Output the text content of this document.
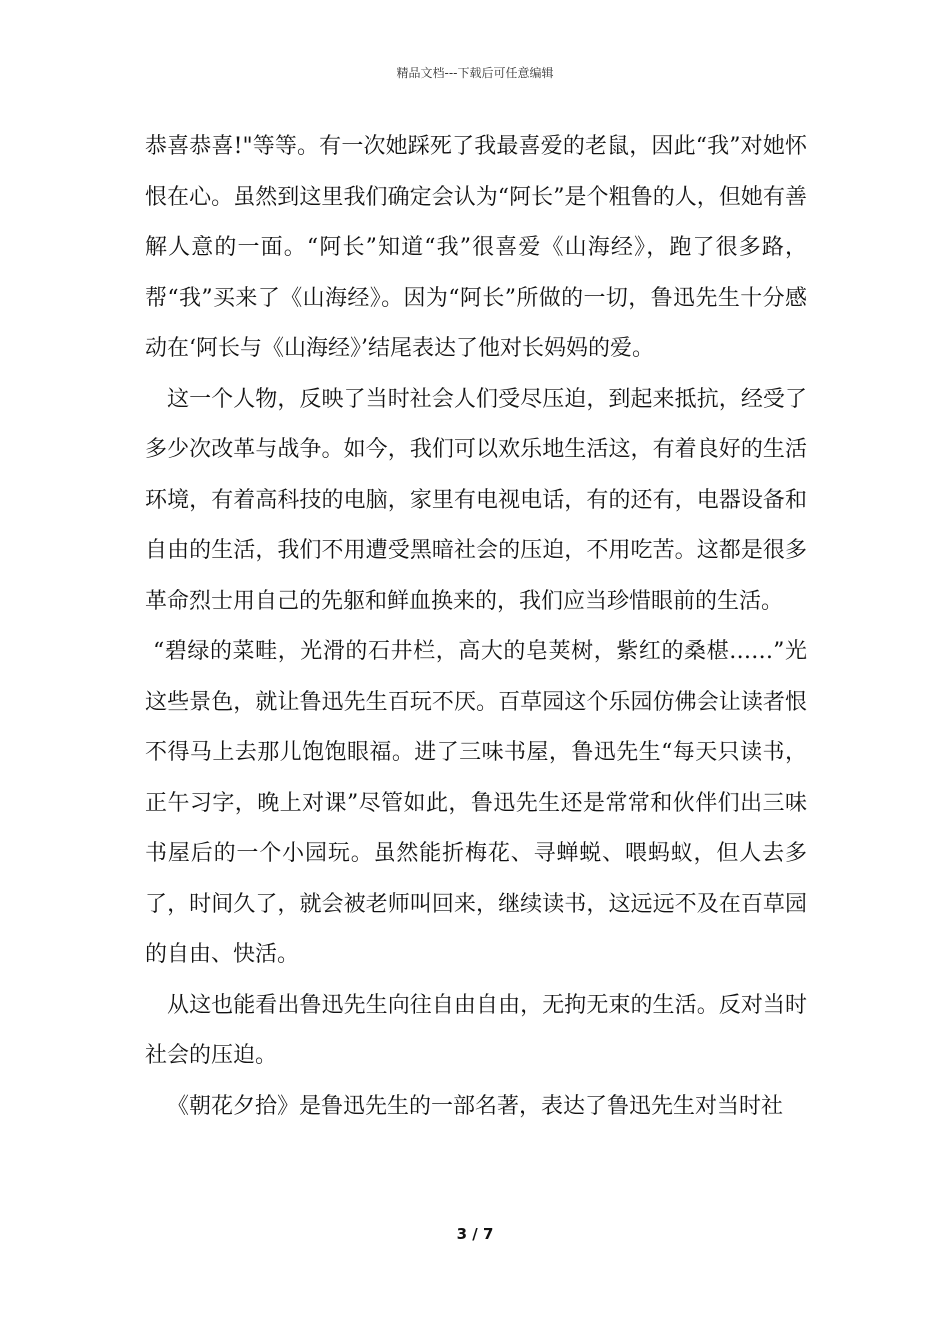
精品文档---下载后可任意编辑

恭喜恭喜!"等等。有一次她踩死了我最喜爱的老鼠，因此“我”对她怀恨在心。虽然到这里我们确定会认为“阿长”是个粗鲁的人，但她有善解人意的一面。“阿长”知道“我”很喜爱《山海经》，跑了很多路，帮“我”买来了《山海经》。因为“阿长”所做的一切，鲁迅先生十分感动在‘阿长与《山海经》’结尾表达了他对长妈妈的爱。

这一个人物，反映了当时社会人们受尽压迫，到起来抵抗，经受了多少次改革与战争。如今，我们可以欢乐地生活这，有着良好的生活环境，有着高科技的电脑，家里有电视电话，有的还有，电器设备和自由的生活，我们不用遭受黑暗社会的压迫，不用吃苦。这都是很多革命烈士用自己的先躯和鲜血换来的，我们应当珍惜眼前的生活。

“碧绿的菜畦，光滑的石井栏，高大的皂荚树，紫红的桑椹……”光这些景色，就让鲁迅先生百玩不厌。百草园这个乐园仿佛会让读者恨不得马上去那儿饱饱眼福。进了三味书屋，鲁迅先生“每天只读书，正午习字，晚上对课”尽管如此，鲁迅先生还是常常和伙伴们出三味书屋后的一个小园玩。虽然能折梅花、寻蝉蜕、喂蚂蚁，但人去多了，时间久了，就会被老师叫回来，继续读书，这远远不及在百草园的自由、快活。

从这也能看出鲁迅先生向往自由自由，无拘无束的生活。反对当时社会的压迫。

《朝花夕拾》是鲁迅先生的一部名著，表达了鲁迅先生对当时社

3 / 7
